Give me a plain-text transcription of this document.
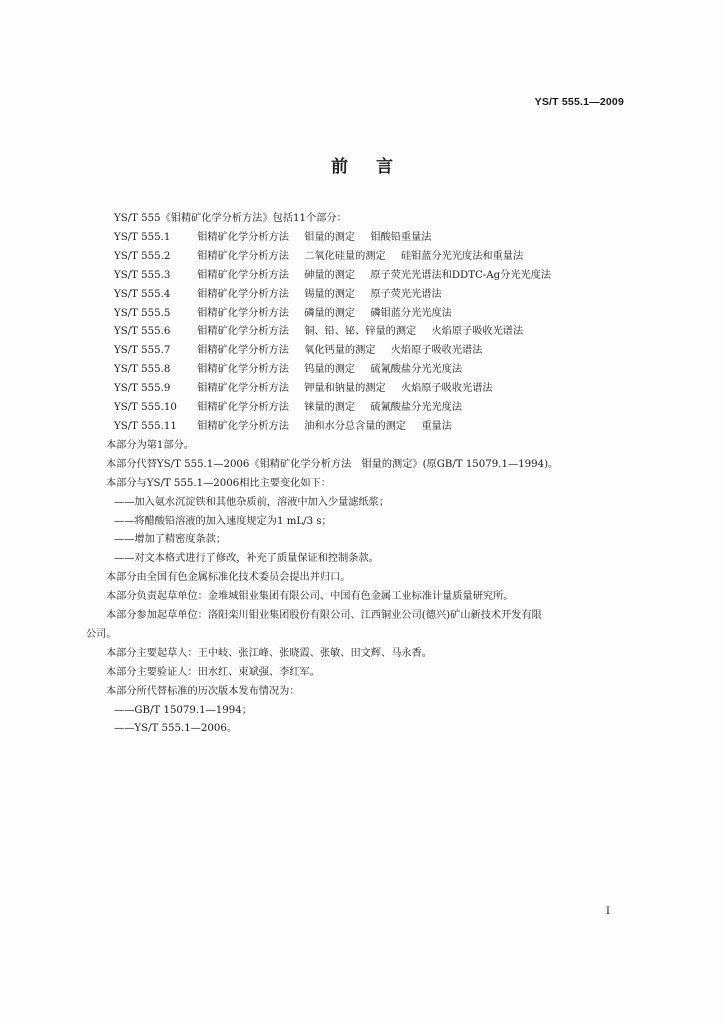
YS/T 555.1—2009
前言
YS/T 555《钼精矿化学分析方法》包括11个部分：
YS/T 555.1	钼精矿化学分析方法 钼量的测定 钼酸铅重量法
YS/T 555.2	钼精矿化学分析方法 二氧化硅量的测定 硅钼蓝分光光度法和重量法
YS/T 555.3	钼精矿化学分析方法 砷量的测定 原子荧光光谱法和DDTC-Ag分光光度法
YS/T 555.4	钼精矿化学分析方法 锡量的测定 原子荧光光谱法
YS/T 555.5	钼精矿化学分析方法 磷量的测定 磷钼蓝分光光度法
YS/T 555.6	钼精矿化学分析方法 铜、铅、铋、锌量的测定 火焰原子吸收光谱法
YS/T 555.7	钼精矿化学分析方法 氧化钙量的测定 火焰原子吸收光谱法
YS/T 555.8	钼精矿化学分析方法 钨量的测定 硫氰酸盐分光光度法
YS/T 555.9	钼精矿化学分析方法 钾量和钠量的测定 火焰原子吸收光谱法
YS/T 555.10 钼精矿化学分析方法 铼量的测定 硫氰酸盐分光光度法
YS/T 555.11 钼精矿化学分析方法 油和水分总含量的测定 重量法
本部分为第1部分。
本部分代替YS/T 555.1—2006《钼精矿化学分析方法　钼量的测定》(原GB/T 15079.1—1994)。
本部分与YS/T 555.1—2006相比主要变化如下：
——加入氨水沉淀铁和其他杂质前，溶液中加入少量滤纸浆；
——将醋酸铅溶液的加入速度规定为1 mL/3 s；
——增加了精密度条款；
——对文本格式进行了修改，补充了质量保证和控制条款。
本部分由全国有色金属标准化技术委员会提出并归口。
本部分负责起草单位：金堆城钼业集团有限公司、中国有色金属工业标准计量质量研究所。
本部分参加起草单位：洛阳栾川钼业集团股份有限公司、江西铜业公司(德兴)矿山新技术开发有限
公司。
本部分主要起草人：王中岐、张江峰、张晓霞、张敏、田文辉、马永香。
本部分主要验证人：田水红、束斌强、李红军。
本部分所代替标准的历次版本发布情况为：
——GB/T 15079.1—1994；
——YS/T 555.1—2006。
I
